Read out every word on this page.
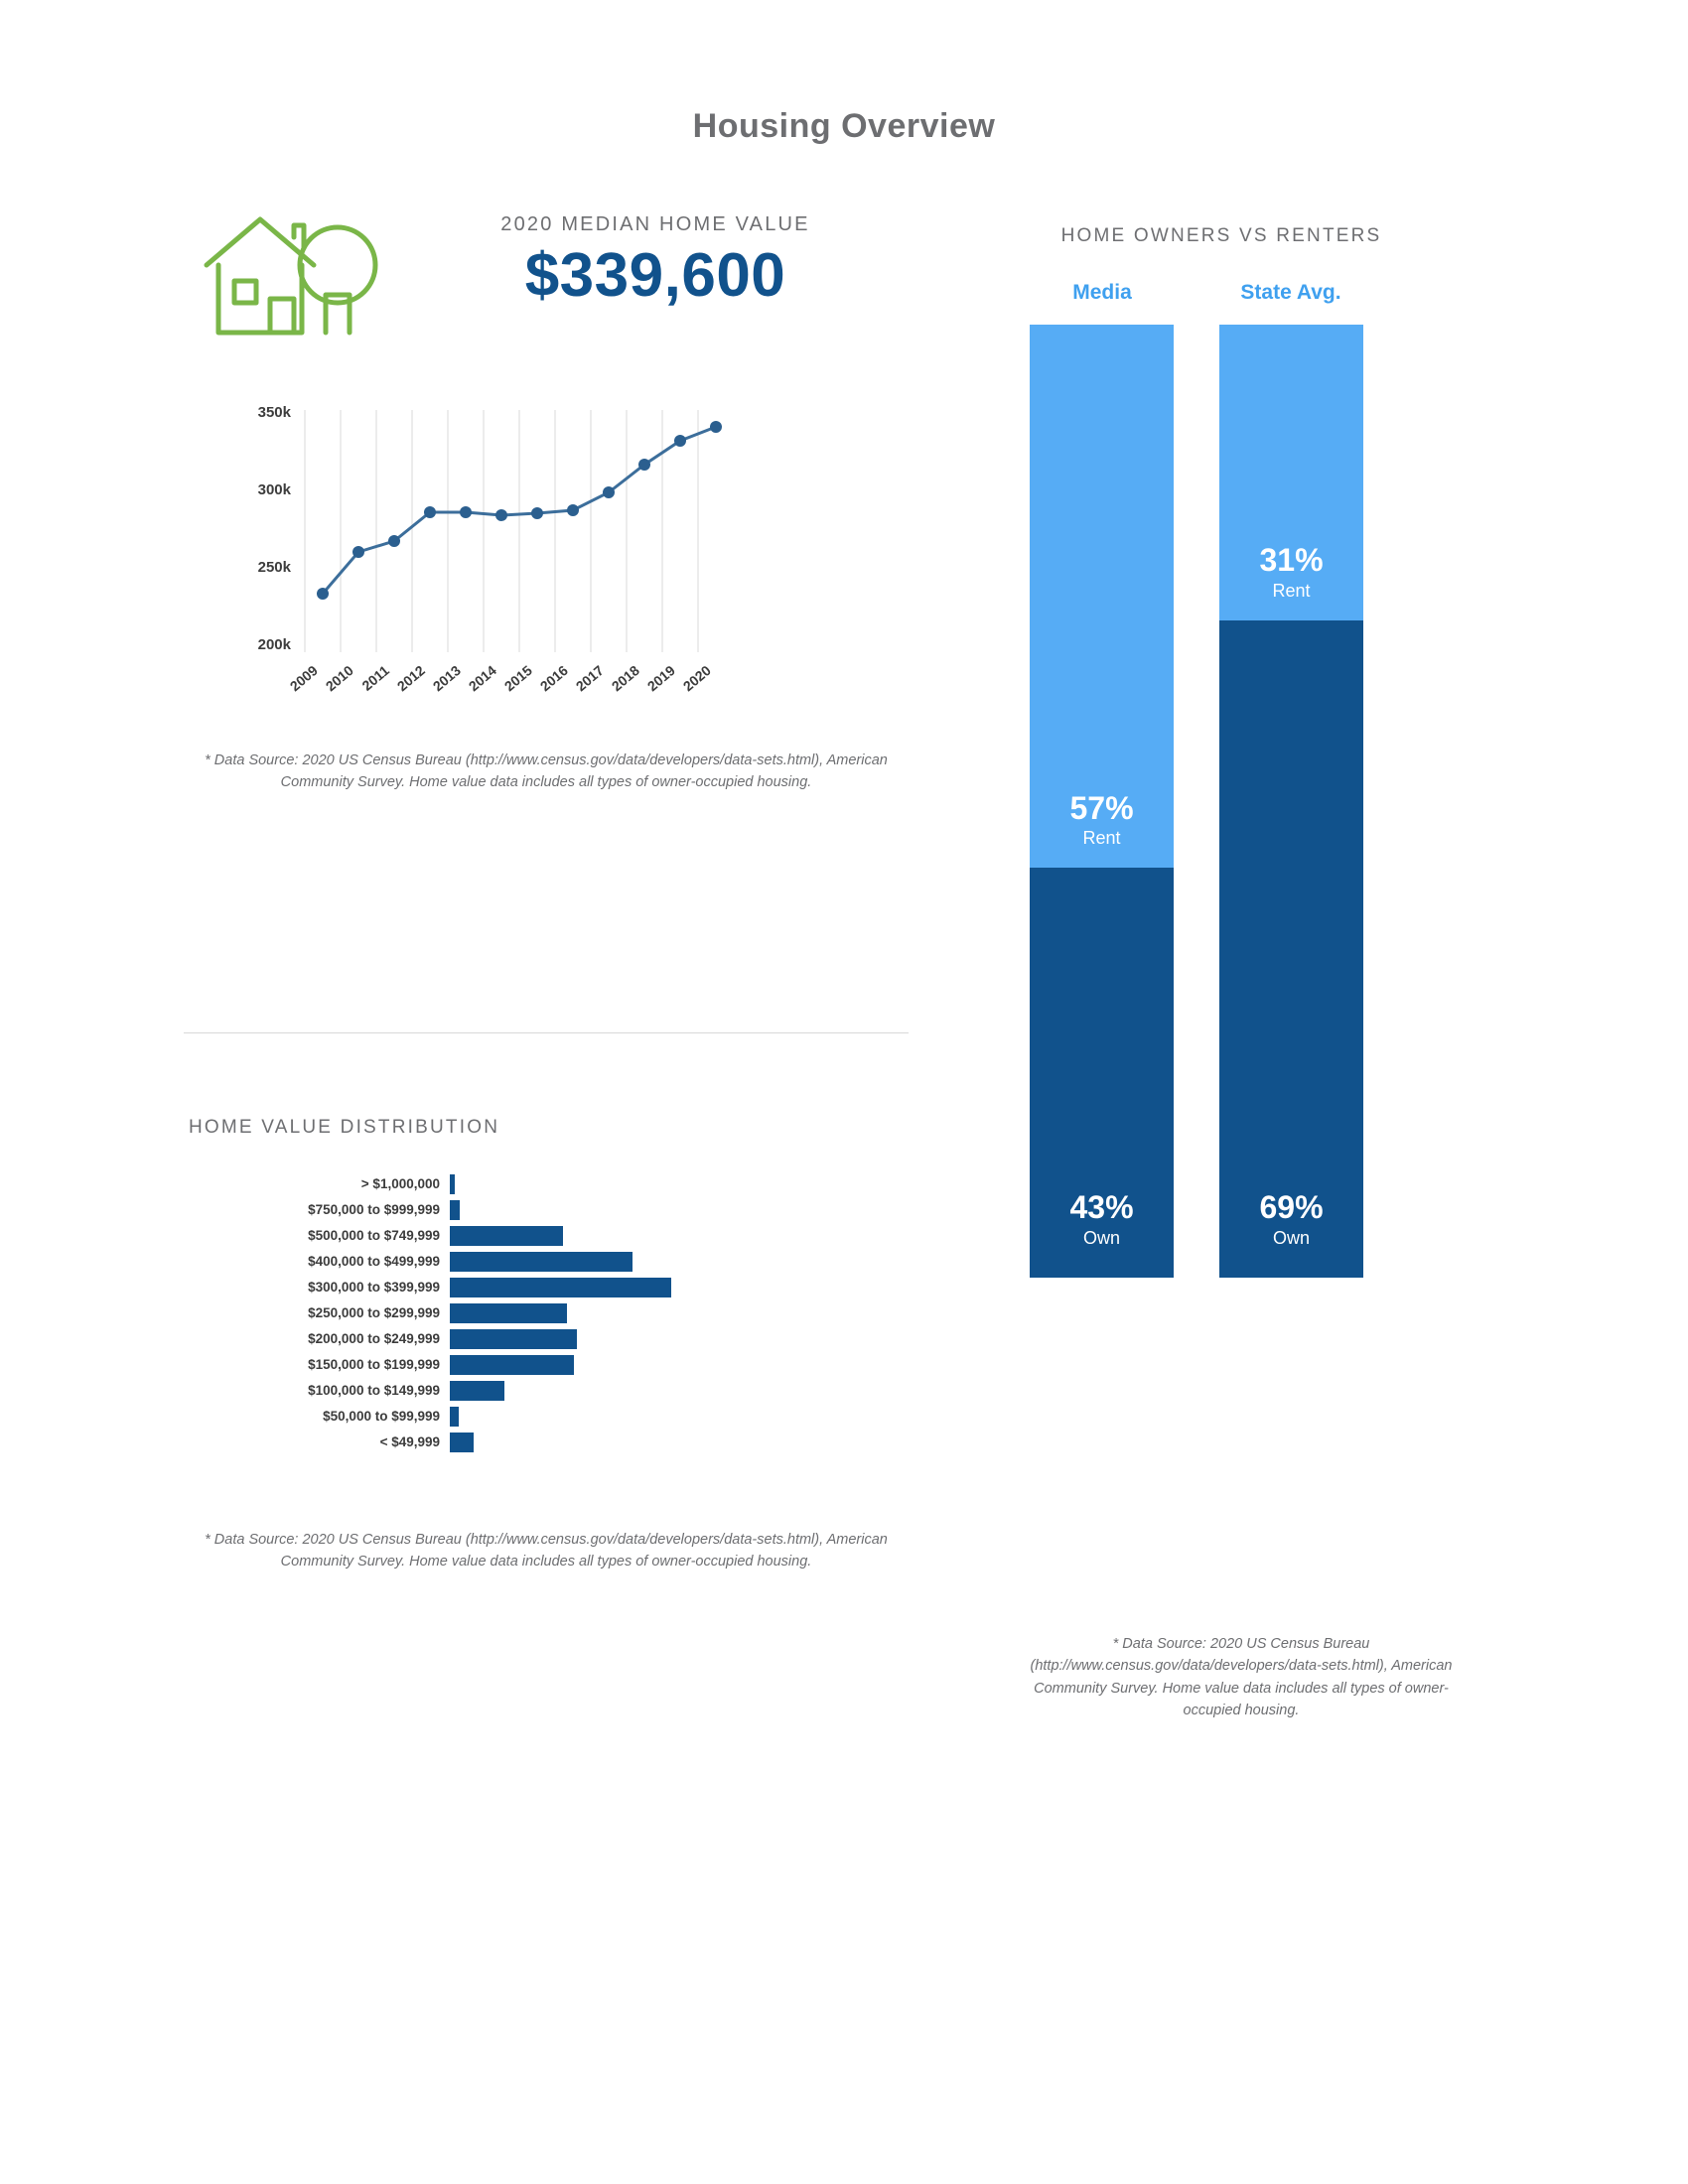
Housing Overview
2020 MEDIAN HOME VALUE
$339,600
350k
300k
250k
200k
2009 2010 2011 2012 2013 2014 2015 2016 2017 2018 2019 2020
* Data Source: 2020 US Census Bureau (http://www.census.gov/data/developers/data-sets.html), American Community Survey. Home value data includes all types of owner-occupied housing.
HOME VALUE DISTRIBUTION
> $1,000,000
$750,000 to $999,999
$500,000 to $749,999
$400,000 to $499,999
$300,000 to $399,999
$250,000 to $299,999
$200,000 to $249,999
$150,000 to $199,999
$100,000 to $149,999
$50,000 to $99,999
< $49,999
* Data Source: 2020 US Census Bureau (http://www.census.gov/data/developers/data-sets.html), American Community Survey. Home value data includes all types of owner-occupied housing.
HOME OWNERS VS RENTERS
Media	State Avg.
57%
Rent
43%
Own
31%
Rent
69%
Own
* Data Source: 2020 US Census Bureau (http://www.census.gov/data/developers/data-sets.html), American Community Survey. Home value data includes all types of owner-occupied housing.
